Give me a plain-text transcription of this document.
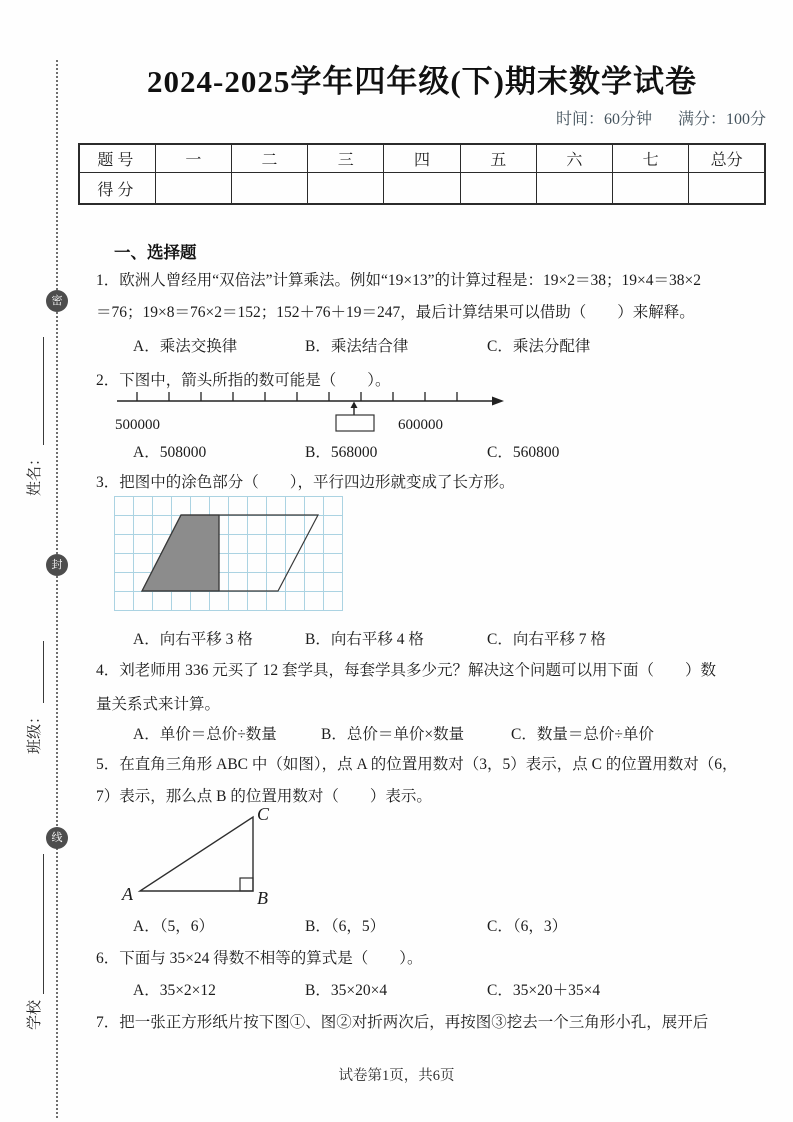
密
封
线
学校
班级：
姓名：
2024-2025学年四年级(下)期末数学试卷
时间：60分钟 满分：100分
题号	一	二	三	四	五	六	七	总分
得分								
一、选择题
1．欧洲人曾经用“双倍法”计算乘法。例如“19×13”的计算过程是：19×2＝38；19×4＝38×2
＝76；19×8＝76×2＝152；152＋76＋19＝247，最后计算结果可以借助（　　）来解释。
A．乘法交换律	B．乘法结合律	C．乘法分配律
2．下图中，箭头所指的数可能是（　　）。
500000	600000
A．508000	B．568000	C．560800
3．把图中的涂色部分（　　），平行四边形就变成了长方形。
A．向右平移 3 格	B．向右平移 4 格	C．向右平移 7 格
4．刘老师用 336 元买了 12 套学具，每套学具多少元？解决这个问题可以用下面（　　）数
量关系式来计算。
A．单价＝总价÷数量	B．总价＝单价×数量	C．数量＝总价÷单价
5．在直角三角形 ABC 中（如图），点 A 的位置用数对（3，5）表示，点 C 的位置用数对（6，
7）表示，那么点 B 的位置用数对（　　）表示。
A	B
C
A．（5，6）	B．（6，5）	C．（6，3）
6．下面与 35×24 得数不相等的算式是（　　）。
A．35×2×12	B．35×20×4	C．35×20＋35×4
7．把一张正方形纸片按下图①、图②对折两次后，再按图③挖去一个三角形小孔，展开后
试卷第1页，共6页
